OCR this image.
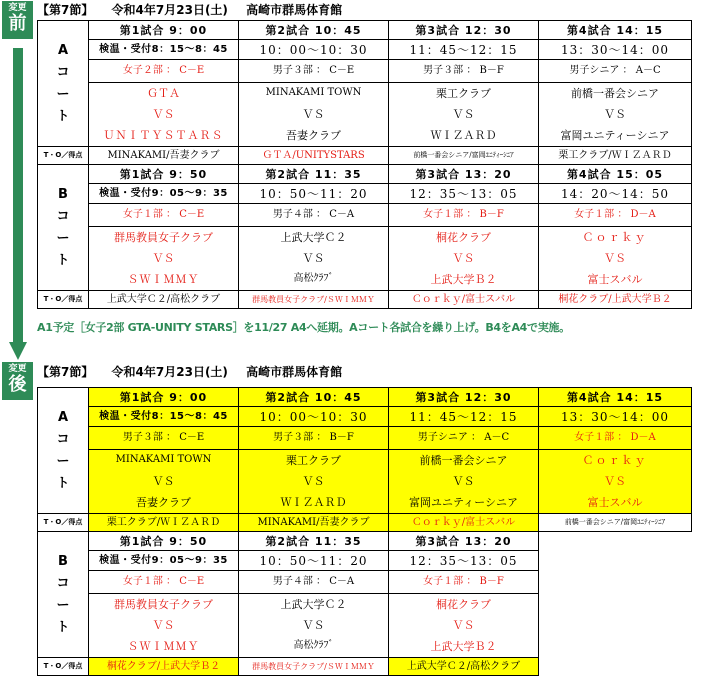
変更
前
変更
後
【第7節】 令和4年7月23日(土) 高崎市群馬体育館
Aコート	第1試合 9：00	第2試合 10：45	第3試合 12：30	第4試合 14：15
	検温・受付8：15～8：45	10：00～10：30	11：45～12：15	13：30～14：00
	女子２部 ： C－E	男子３部 ： C－E	男子３部 ： B－F	男子シニア ： A－C
	ＧＴＡ	MINAKAMI TOWN	栗工クラブ	前橋一番会シニア
	ＶＳ	ＶＳ	ＶＳ	ＶＳ
	ＵＮＩＴＹＳＴＡＲＳ	吾妻クラブ	ＷＩＺＡＲＤ	富岡ユニティーシニア
T・O／得点	MINAKAMI/吾妻クラブ	ＧＴＡ/UNITYSTARS	前橋一番会シニア/富岡ﾕﾆﾃｨｰｼﾆｱ	栗工クラブ/ＷＩＺＡＲＤ
Bコート	第1試合 9：50	第2試合 11：35	第3試合 13：20	第4試合 15：05
	検温・受付9：05～9：35	10：50～11：20	12：35～13：05	14：20～14：50
	女子１部 ： C－E	男子４部 ： C－A	女子１部 ： B－F	女子１部 ： D－A
	群馬教員女子クラブ	上武大学Ｃ２	桐花クラブ	Ｃｏｒｋｙ
	ＶＳ	ＶＳ	ＶＳ	ＶＳ
	ＳＷＩＭＭＹ	高松ｸﾗﾌﾞ	上武大学Ｂ２	富士スバル
T・O／得点	上武大学Ｃ２/高松クラブ	群馬教員女子クラブ/ＳＷＩＭＭＹ	Ｃｏｒｋｙ/富士スバル	桐花クラブ/上武大学Ｂ２
A1予定［女子2部 GTA-UNITY STARS］を11/27 A4へ延期。Aコート各試合を繰り上げ。B4をA4で実施。
【第7節】 令和4年7月23日(土) 高崎市群馬体育館
Aコート	第1試合 9：00	第2試合 10：45	第3試合 12：30	第4試合 14：15
	検温・受付8：15～8：45	10：00～10：30	11：45～12：15	13：30～14：00
	男子３部 ： C－E	男子３部 ： B－F	男子シニア ： A－C	女子１部 ： D－A
	MINAKAMI TOWN	栗工クラブ	前橋一番会シニア	Ｃｏｒｋｙ
	ＶＳ	ＶＳ	ＶＳ	ＶＳ
	吾妻クラブ	ＷＩＺＡＲＤ	富岡ユニティーシニア	富士スバル
T・O／得点	栗工クラブ/ＷＩＺＡＲＤ	MINAKAMI/吾妻クラブ	Ｃｏｒｋｙ/富士スバル	前橋一番会シニア/富岡ﾕﾆﾃｨｰｼﾆｱ
Bコート	第1試合 9：50	第2試合 11：35	第3試合 13：20	
	検温・受付9：05～9：35	10：50～11：20	12：35～13：05	
	女子１部 ： C－E	男子４部 ： C－A	女子１部 ： B－F	
	群馬教員女子クラブ	上武大学Ｃ２	桐花クラブ	
	ＶＳ	ＶＳ	ＶＳ	
	ＳＷＩＭＭＹ	高松ｸﾗﾌﾞ	上武大学Ｂ２	
T・O／得点	桐花クラブ/上武大学Ｂ２	群馬教員女子クラブ/ＳＷＩＭＭＹ	上武大学Ｃ２/高松クラブ	
